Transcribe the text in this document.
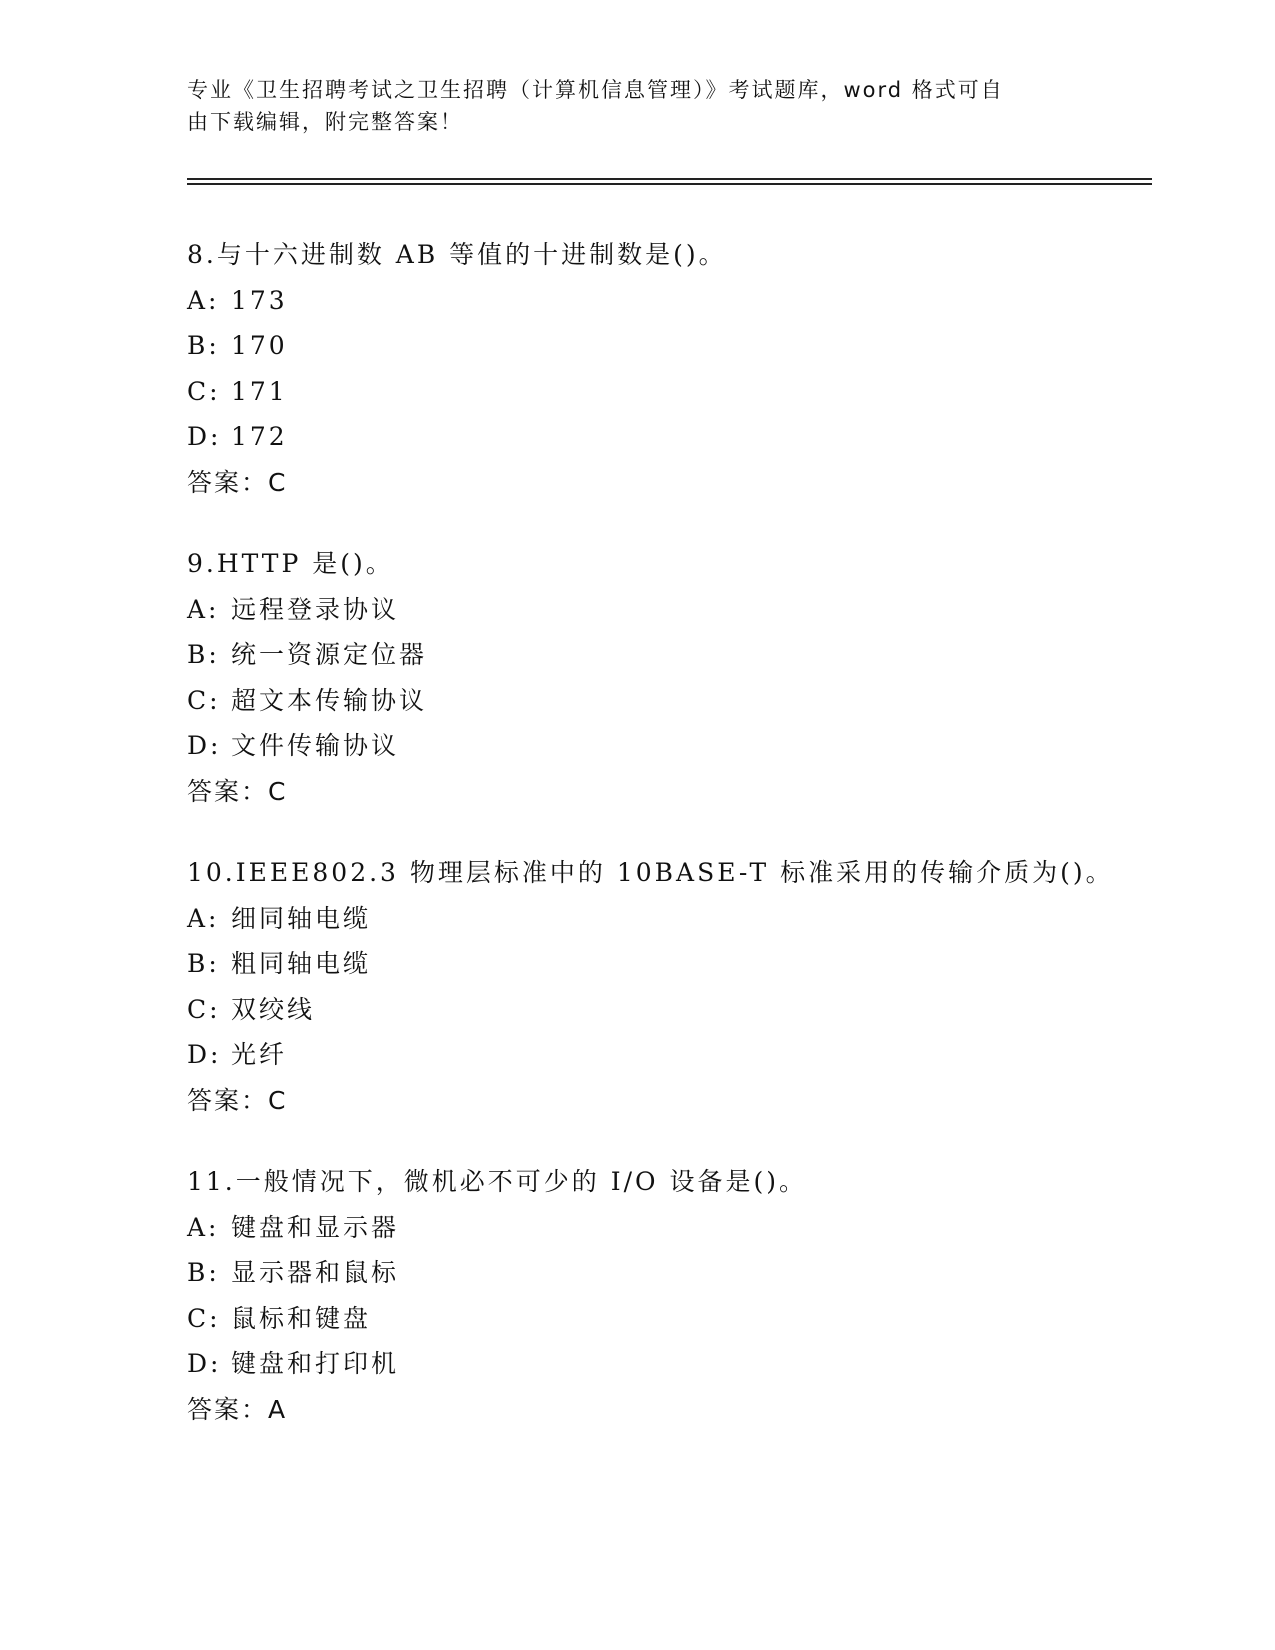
专业《卫生招聘考试之卫生招聘（计算机信息管理）》考试题库，word 格式可自
由下载编辑，附完整答案！
8.与十六进制数 AB 等值的十进制数是()。
A: 173
B: 170
C: 171
D: 172
答案：C
9.HTTP 是()。
A: 远程登录协议
B: 统一资源定位器
C: 超文本传输协议
D: 文件传输协议
答案：C
10.IEEE802.3 物理层标准中的 10BASE-T 标准采用的传输介质为()。
A: 细同轴电缆
B: 粗同轴电缆
C: 双绞线
D: 光纤
答案：C
11.一般情况下，微机必不可少的 I/O 设备是()。
A: 键盘和显示器
B: 显示器和鼠标
C: 鼠标和键盘
D: 键盘和打印机
答案：A
